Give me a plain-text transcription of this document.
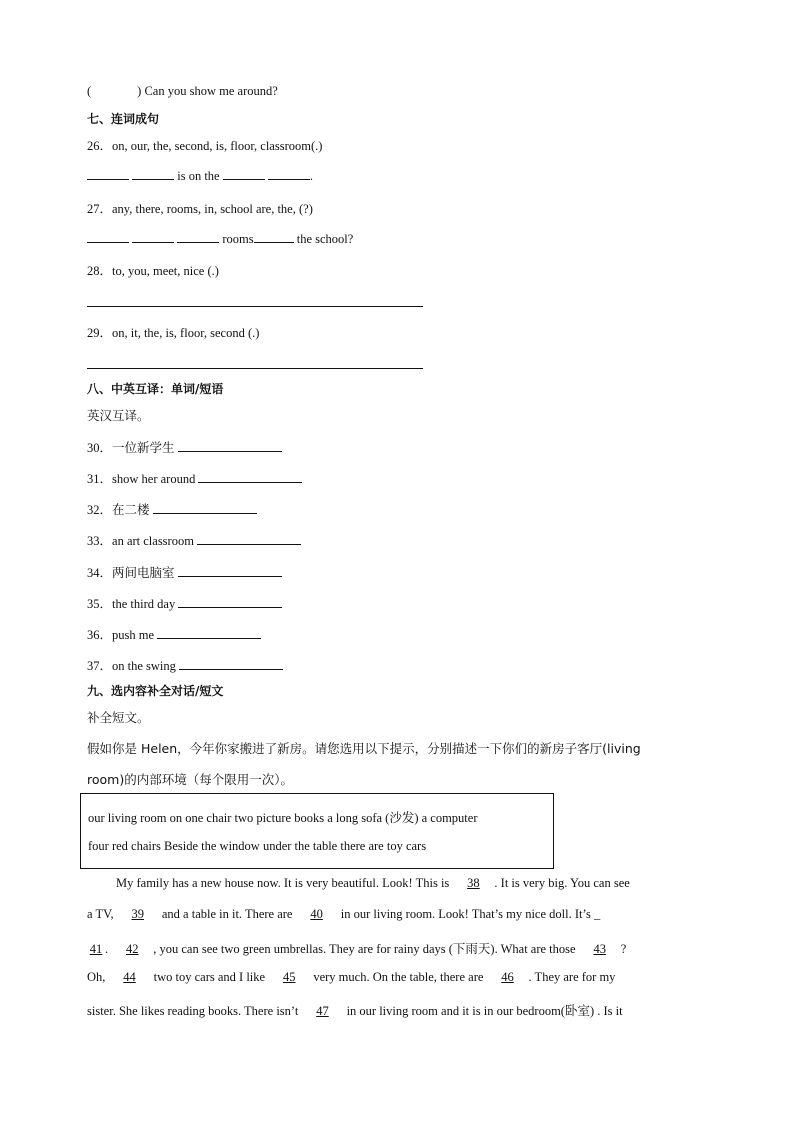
(	) Can you show me around?
七、连词成句
26．on, our, the, second, is, floor, classroom(.)
is on the	.
27．any, there, rooms, in, school are, the, (?)
rooms	the school?
28．to, you, meet, nice (.)
29．on, it, the, is, floor, second (.)
八、中英互译：单词/短语
英汉互译。
30．一位新学生
31．show her around
32．在二楼
33．an art classroom
34．两间电脑室
35．the third day
36．push me
37．on the swing
九、选内容补全对话/短文
补全短文。
假如你是 Helen，今年你家搬进了新房。请您选用以下提示，分别描述一下你们的新房子客厅(living
room)的内部环境（每个限用一次）。
our living room on one chair two picture books a long sofa (沙发) a computer
four red chairs Beside the window under the table there are toy cars
My family has a new house now. It is very beautiful. Look! This is 38 . It is very big. You can see
a TV, 39 and a table in it. There are 40 in our living room. Look! That’s my nice doll. It’s _
41 . 42 , you can see two green umbrellas. They are for rainy days (下雨天). What are those 43 ?
Oh, 44 two toy cars and I like 45 very much. On the table, there are 46 . They are for my
sister. She likes reading books. There isn’t 47 in our living room and it is in our bedroom(卧室) . Is it
